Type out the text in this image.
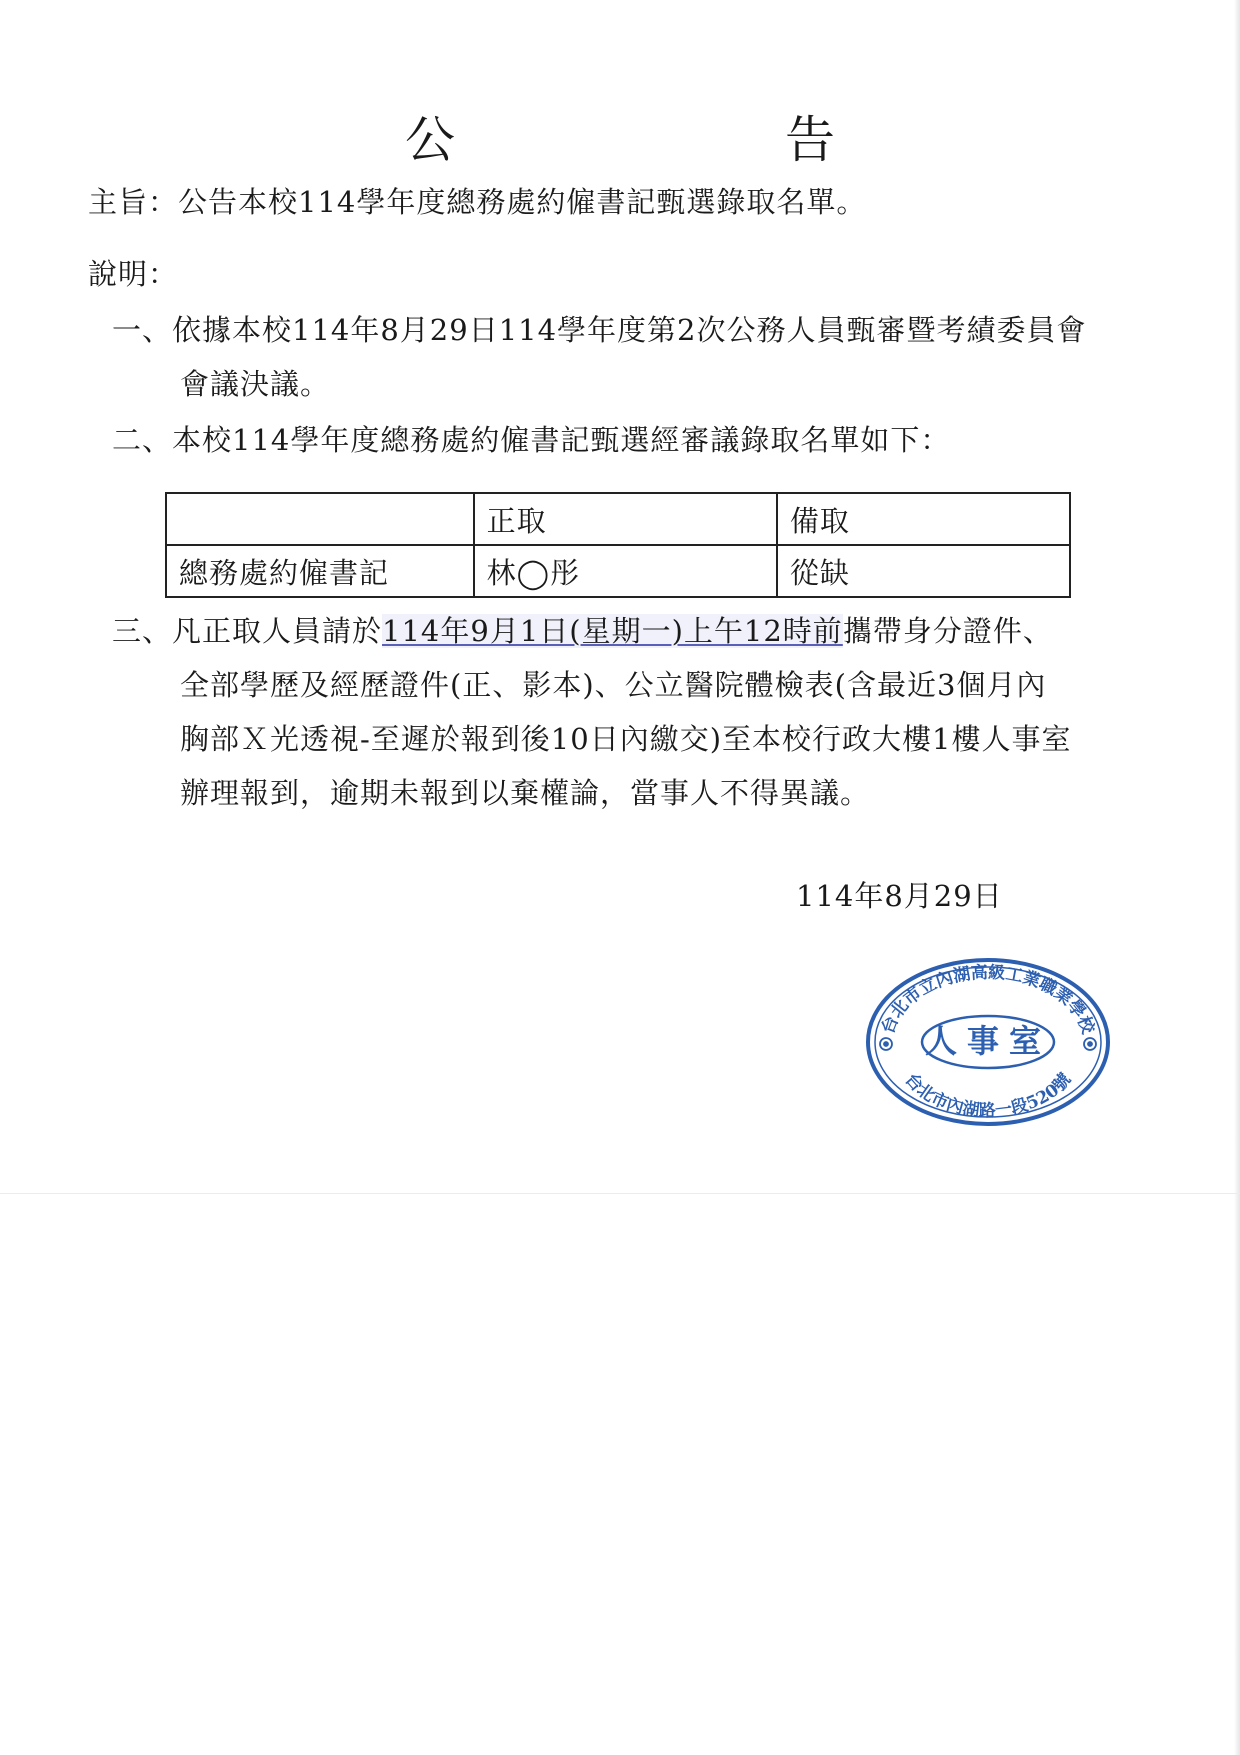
公　告
主旨：公告本校114學年度總務處約僱書記甄選錄取名單。
說明：
一、依據本校114年8月29日114學年度第2次公務人員甄審暨考績委員會
會議決議。
二、本校114學年度總務處約僱書記甄選經審議錄取名單如下：
	正取	備取
總務處約僱書記	林◯彤	從缺
三、凡正取人員請於114年9月1日(星期一)上午12時前攜帶身分證件、
全部學歷及經歷證件(正、影本)、公立醫院體檢表(含最近3個月內
胸部Ｘ光透視-至遲於報到後10日內繳交)至本校行政大樓1樓人事室
辦理報到，逾期未報到以棄權論，當事人不得異議。
114年8月29日
台北市立內湖高級工業職業學校
台北市內湖路一段520號
人事室
